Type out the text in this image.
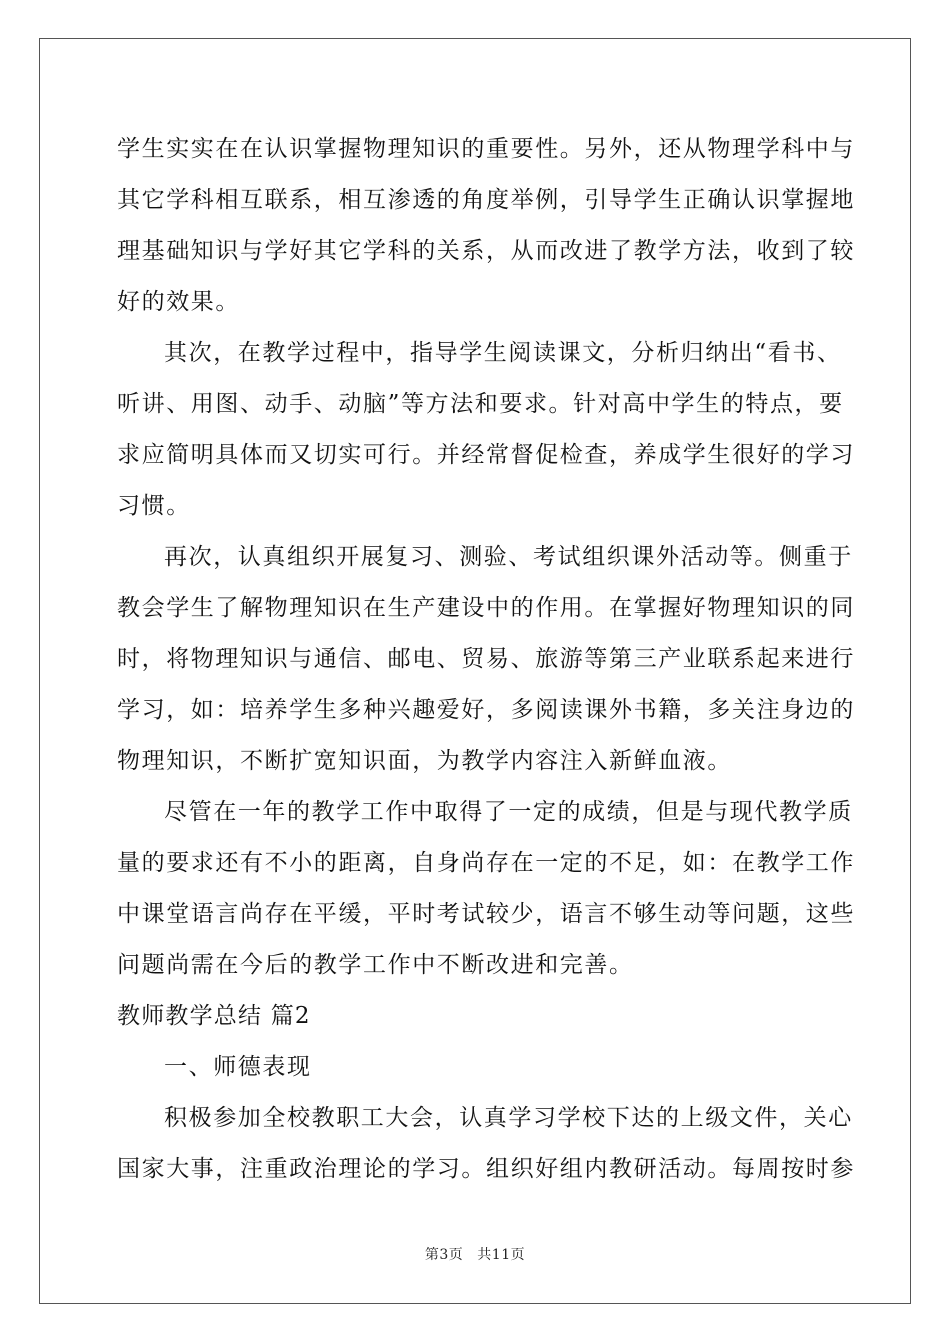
学生实实在在认识掌握物理知识的重要性。另外，还从物理学科中与
其它学科相互联系，相互渗透的角度举例，引导学生正确认识掌握地
理基础知识与学好其它学科的关系，从而改进了教学方法，收到了较
好的效果。
其次，在教学过程中，指导学生阅读课文，分析归纳出“看书、
听讲、用图、动手、动脑”等方法和要求。针对高中学生的特点，要
求应简明具体而又切实可行。并经常督促检查，养成学生很好的学习
习惯。
再次，认真组织开展复习、测验、考试组织课外活动等。侧重于
教会学生了解物理知识在生产建设中的作用。在掌握好物理知识的同
时，将物理知识与通信、邮电、贸易、旅游等第三产业联系起来进行
学习，如：培养学生多种兴趣爱好，多阅读课外书籍，多关注身边的
物理知识，不断扩宽知识面，为教学内容注入新鲜血液。
尽管在一年的教学工作中取得了一定的成绩，但是与现代教学质
量的要求还有不小的距离，自身尚存在一定的不足，如：在教学工作
中课堂语言尚存在平缓，平时考试较少，语言不够生动等问题，这些
问题尚需在今后的教学工作中不断改进和完善。
教师教学总结 篇2
一、师德表现
积极参加全校教职工大会，认真学习学校下达的上级文件，关心
国家大事，注重政治理论的学习。组织好组内教研活动。每周按时参
第3页 共11页
